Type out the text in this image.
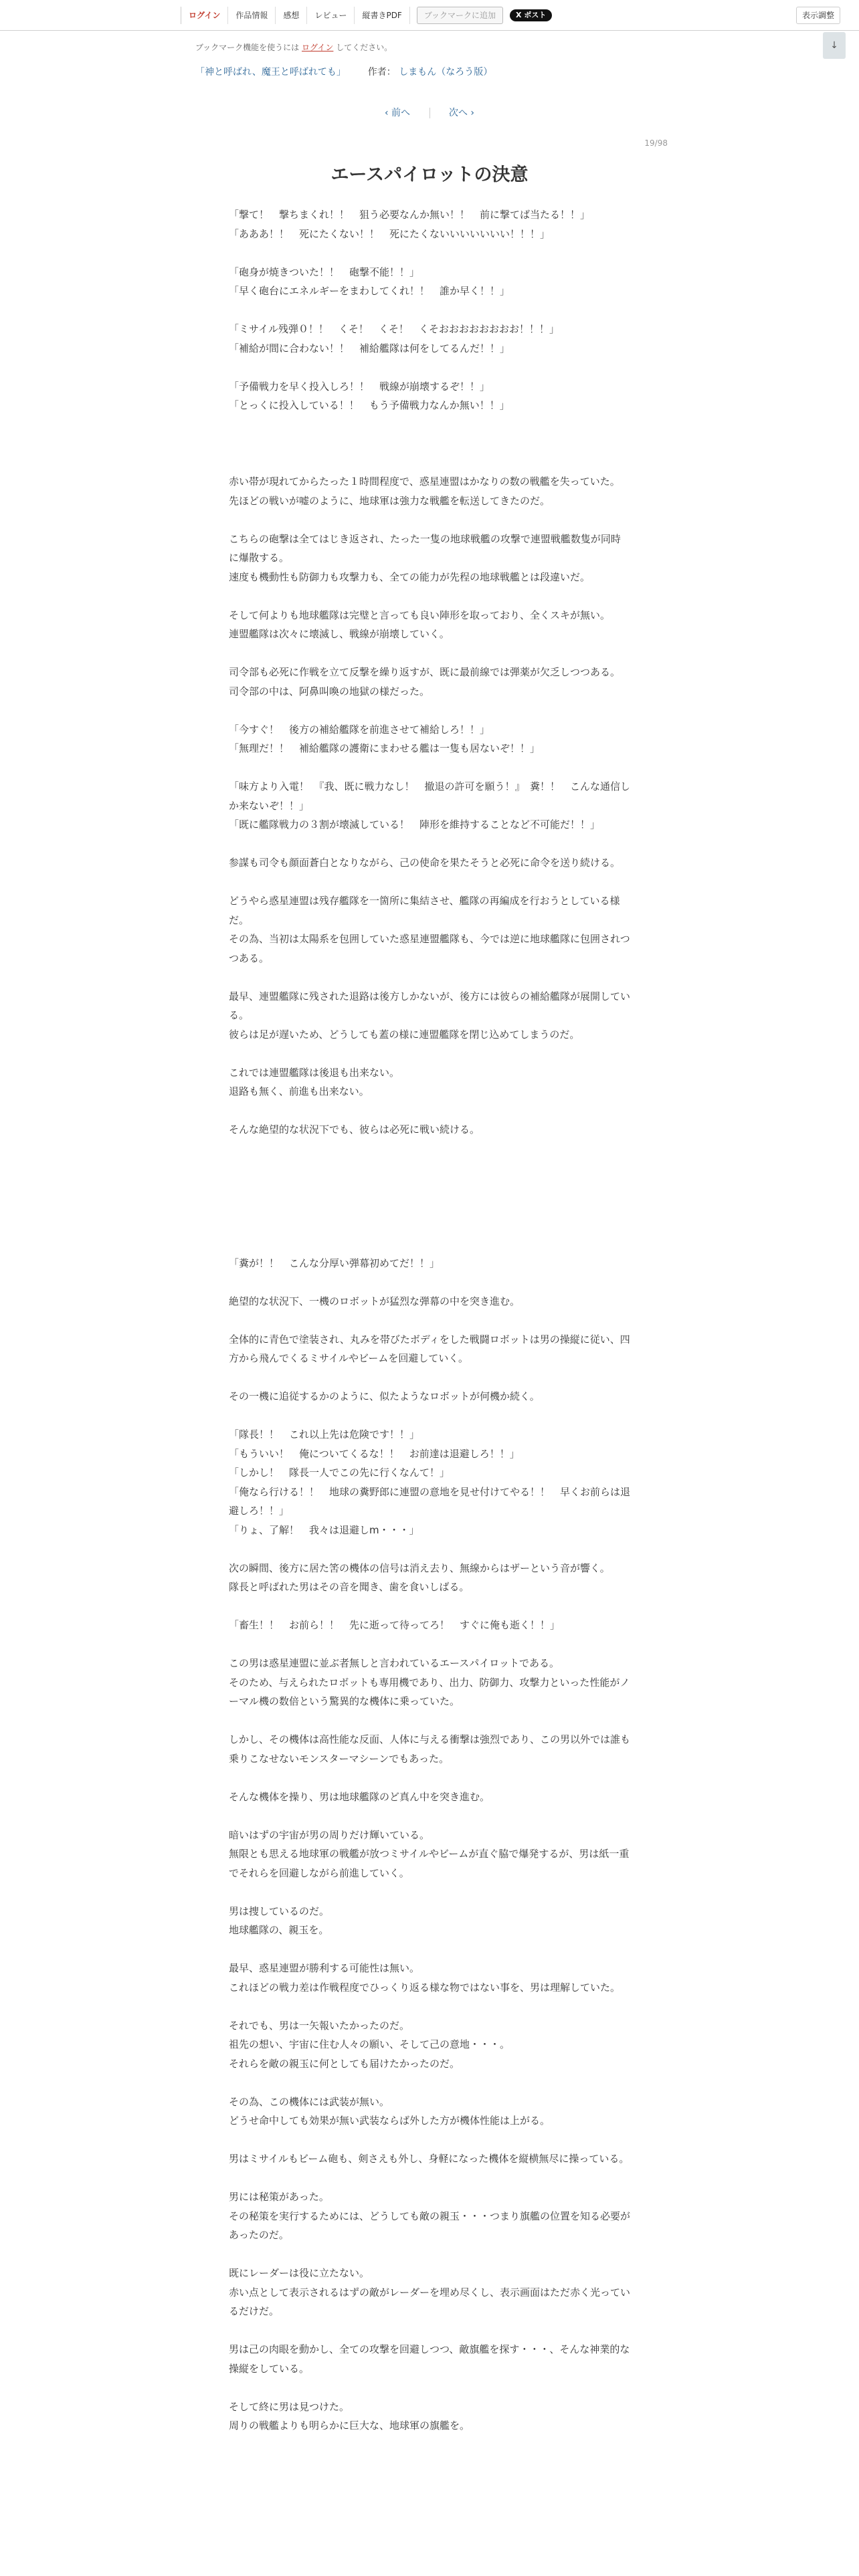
ログイン	作品情報	感想	レビュー	縦書きPDF	ブックマークに追加	X ポスト	表示調整
↓
ブックマーク機能を使うには ログイン してください。
「神と呼ばれ、魔王と呼ばれても」 作者： しまもん（なろう版）
‹ 前へ	次へ ›
19/98
エースパイロットの決意

「撃て！　撃ちまくれ！！　狙う必要なんか無い！！　前に撃てば当たる！！」

「あああ！！　死にたくない！！　死にたくないいいいいいい！！！」

「砲身が焼きついた！！　砲撃不能！！」

「早く砲台にエネルギーをまわしてくれ！！　誰か早く！！」

「ミサイル残弾０！！　くそ！　くそ！　くそおおおおおおおお！！！」

「補給が間に合わない！！　補給艦隊は何をしてるんだ！！」

「予備戦力を早く投入しろ！！　戦線が崩壊するぞ！！」

「とっくに投入している！！　もう予備戦力なんか無い！！」

赤い帯が現れてからたった１時間程度で、惑星連盟はかなりの数の戦艦を失っていた。

先ほどの戦いが嘘のように、地球軍は強力な戦艦を転送してきたのだ。

こちらの砲撃は全てはじき返され、たった一隻の地球戦艦の攻撃で連盟戦艦数隻が同時に爆散する。

速度も機動性も防御力も攻撃力も、全ての能力が先程の地球戦艦とは段違いだ。

そして何よりも地球艦隊は完璧と言っても良い陣形を取っており、全くスキが無い。

連盟艦隊は次々に壊滅し、戦線が崩壊していく。

司令部も必死に作戦を立て反撃を繰り返すが、既に最前線では弾薬が欠乏しつつある。

司令部の中は、阿鼻叫喚の地獄の様だった。

「今すぐ！　後方の補給艦隊を前進させて補給しろ！！」

「無理だ！！　補給艦隊の護衛にまわせる艦は一隻も居ないぞ！！」

「味方より入電！　『我、既に戦力なし！　撤退の許可を願う！』　糞！！　こんな通信しか来ないぞ！！」

「既に艦隊戦力の３割が壊滅している！　陣形を維持することなど不可能だ！！」

参謀も司令も顔面蒼白となりながら、己の使命を果たそうと必死に命令を送り続ける。

どうやら惑星連盟は残存艦隊を一箇所に集結させ、艦隊の再編成を行おうとしている様だ。

その為、当初は太陽系を包囲していた惑星連盟艦隊も、今では逆に地球艦隊に包囲されつつある。

最早、連盟艦隊に残された退路は後方しかないが、後方には彼らの補給艦隊が展開している。

彼らは足が遅いため、どうしても蓋の様に連盟艦隊を閉じ込めてしまうのだ。

これでは連盟艦隊は後退も出来ない。

退路も無く、前進も出来ない。

そんな絶望的な状況下でも、彼らは必死に戦い続ける。

「糞が！！　こんな分厚い弾幕初めてだ！！」

絶望的な状況下、一機のロボットが猛烈な弾幕の中を突き進む。

全体的に青色で塗装され、丸みを帯びたボディをした戦闘ロボットは男の操縦に従い、四方から飛んでくるミサイルやビームを回避していく。

その一機に追従するかのように、似たようなロボットが何機か続く。

「隊長！！　これ以上先は危険です！！」

「もういい！　俺についてくるな！！　お前達は退避しろ！！」

「しかし！　隊長一人でこの先に行くなんて！」

「俺なら行ける！！　地球の糞野郎に連盟の意地を見せ付けてやる！！　早くお前らは退避しろ！！」

「りょ、了解！　我々は退避しm・・・」

次の瞬間、後方に居た筈の機体の信号は消え去り、無線からはザーという音が響く。

隊長と呼ばれた男はその音を聞き、歯を食いしばる。

「畜生！！　お前ら！！　先に逝って待ってろ！　すぐに俺も逝く！！」

この男は惑星連盟に並ぶ者無しと言われているエースパイロットである。

そのため、与えられたロボットも専用機であり、出力、防御力、攻撃力といった性能がノーマル機の数倍という驚異的な機体に乗っていた。

しかし、その機体は高性能な反面、人体に与える衝撃は強烈であり、この男以外では誰も乗りこなせないモンスターマシーンでもあった。

そんな機体を操り、男は地球艦隊のど真ん中を突き進む。

暗いはずの宇宙が男の周りだけ輝いている。

無限とも思える地球軍の戦艦が放つミサイルやビームが直ぐ脇で爆発するが、男は紙一重でそれらを回避しながら前進していく。

男は捜しているのだ。

地球艦隊の、親玉を。

最早、惑星連盟が勝利する可能性は無い。

これほどの戦力差は作戦程度でひっくり返る様な物ではない事を、男は理解していた。

それでも、男は一矢報いたかったのだ。

祖先の想い、宇宙に住む人々の願い、そして己の意地・・・。

それらを敵の親玉に何としても届けたかったのだ。

その為、この機体には武装が無い。

どうせ命中しても効果が無い武装ならば外した方が機体性能は上がる。

男はミサイルもビーム砲も、剣さえも外し、身軽になった機体を縦横無尽に操っている。

男には秘策があった。

その秘策を実行するためには、どうしても敵の親玉・・・つまり旗艦の位置を知る必要があったのだ。

既にレーダーは役に立たない。

赤い点として表示されるはずの敵がレーダーを埋め尽くし、表示画面はただ赤く光っているだけだ。

男は己の肉眼を動かし、全ての攻撃を回避しつつ、敵旗艦を探す・・・、そんな神業的な操縦をしている。

そして終に男は見つけた。

周りの戦艦よりも明らかに巨大な、地球軍の旗艦を。
